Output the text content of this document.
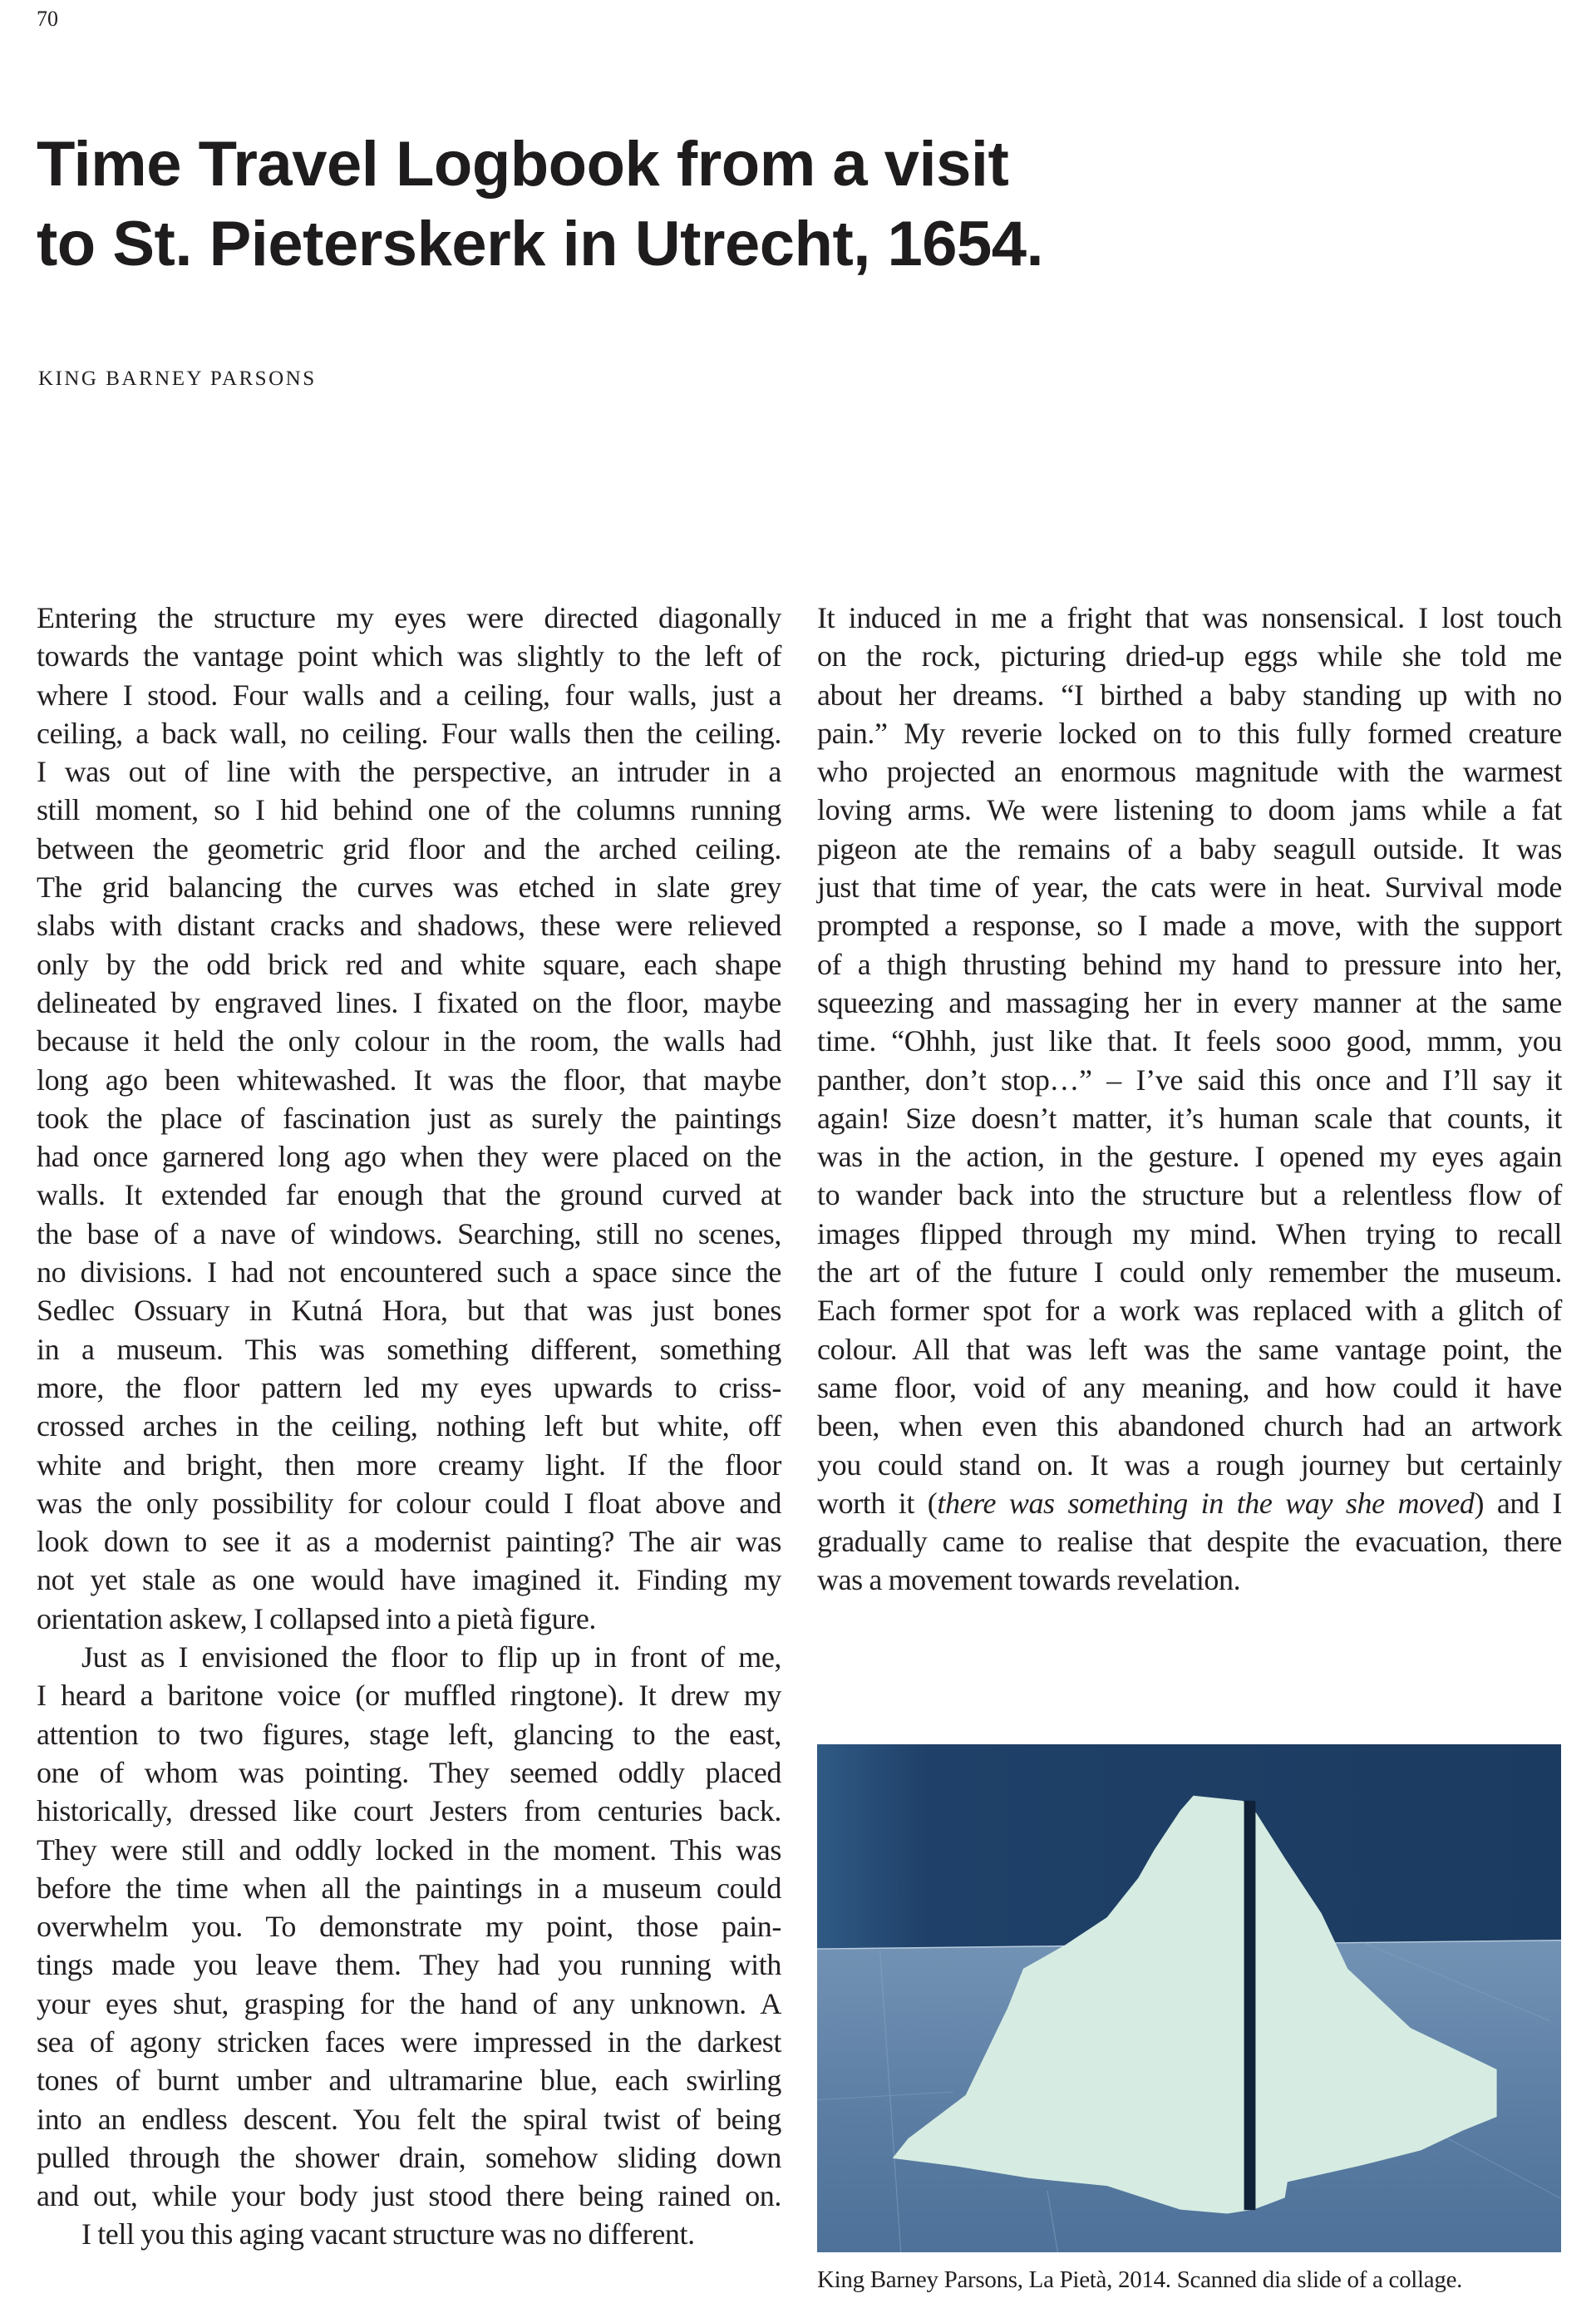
70
Time Travel Logbook from a visit
to St. Pieterskerk in Utrecht, 1654.
KING BARNEY PARSONS
Entering the structure my eyes were directed diagonally
towards the vantage point which was slightly to the left of
where I stood. Four walls and a ceiling, four walls, just a
ceiling, a back wall, no ceiling. Four walls then the ceiling.
I was out of line with the perspective, an intruder in a
still moment, so I hid behind one of the columns running
between the geometric grid floor and the arched ceiling.
The grid balancing the curves was etched in slate grey
slabs with distant cracks and shadows, these were relieved
only by the odd brick red and white square, each shape
delineated by engraved lines. I fixated on the floor, maybe
because it held the only colour in the room, the walls had
long ago been whitewashed. It was the floor, that maybe
took the place of fascination just as surely the paintings
had once garnered long ago when they were placed on the
walls. It extended far enough that the ground curved at
the base of a nave of windows. Searching, still no scenes,
no divisions. I had not encountered such a space since the
Sedlec Ossuary in Kutná Hora, but that was just bones
in a museum. This was something different, something
more, the floor pattern led my eyes upwards to criss-
crossed arches in the ceiling, nothing left but white, off
white and bright, then more creamy light. If the floor
was the only possibility for colour could I float above and
look down to see it as a modernist painting? The air was
not yet stale as one would have imagined it. Finding my
orientation askew, I collapsed into a pietà figure.
Just as I envisioned the floor to flip up in front of me,
I heard a baritone voice (or muffled ringtone). It drew my
attention to two figures, stage left, glancing to the east,
one of whom was pointing. They seemed oddly placed
historically, dressed like court Jesters from centuries back.
They were still and oddly locked in the moment. This was
before the time when all the paintings in a museum could
overwhelm you. To demonstrate my point, those pain-
tings made you leave them. They had you running with
your eyes shut, grasping for the hand of any unknown. A
sea of agony stricken faces were impressed in the darkest
tones of burnt umber and ultramarine blue, each swirling
into an endless descent. You felt the spiral twist of being
pulled through the shower drain, somehow sliding down
and out, while your body just stood there being rained on.
I tell you this aging vacant structure was no different.
It induced in me a fright that was nonsensical. I lost touch
on the rock, picturing dried-up eggs while she told me
about her dreams. “I birthed a baby standing up with no
pain.” My reverie locked on to this fully formed creature
who projected an enormous magnitude with the warmest
loving arms. We were listening to doom jams while a fat
pigeon ate the remains of a baby seagull outside. It was
just that time of year, the cats were in heat. Survival mode
prompted a response, so I made a move, with the support
of a thigh thrusting behind my hand to pressure into her,
squeezing and massaging her in every manner at the same
time. “Ohhh, just like that. It feels sooo good, mmm, you
panther, don’t stop…” – I’ve said this once and I’ll say it
again! Size doesn’t matter, it’s human scale that counts, it
was in the action, in the gesture. I opened my eyes again
to wander back into the structure but a relentless flow of
images flipped through my mind. When trying to recall
the art of the future I could only remember the museum.
Each former spot for a work was replaced with a glitch of
colour. All that was left was the same vantage point, the
same floor, void of any meaning, and how could it have
been, when even this abandoned church had an artwork
you could stand on. It was a rough journey but certainly
worth it (there was something in the way she moved) and I
gradually came to realise that despite the evacuation, there
was a movement towards revelation.
King Barney Parsons, La Pietà, 2014. Scanned dia slide of a collage.
